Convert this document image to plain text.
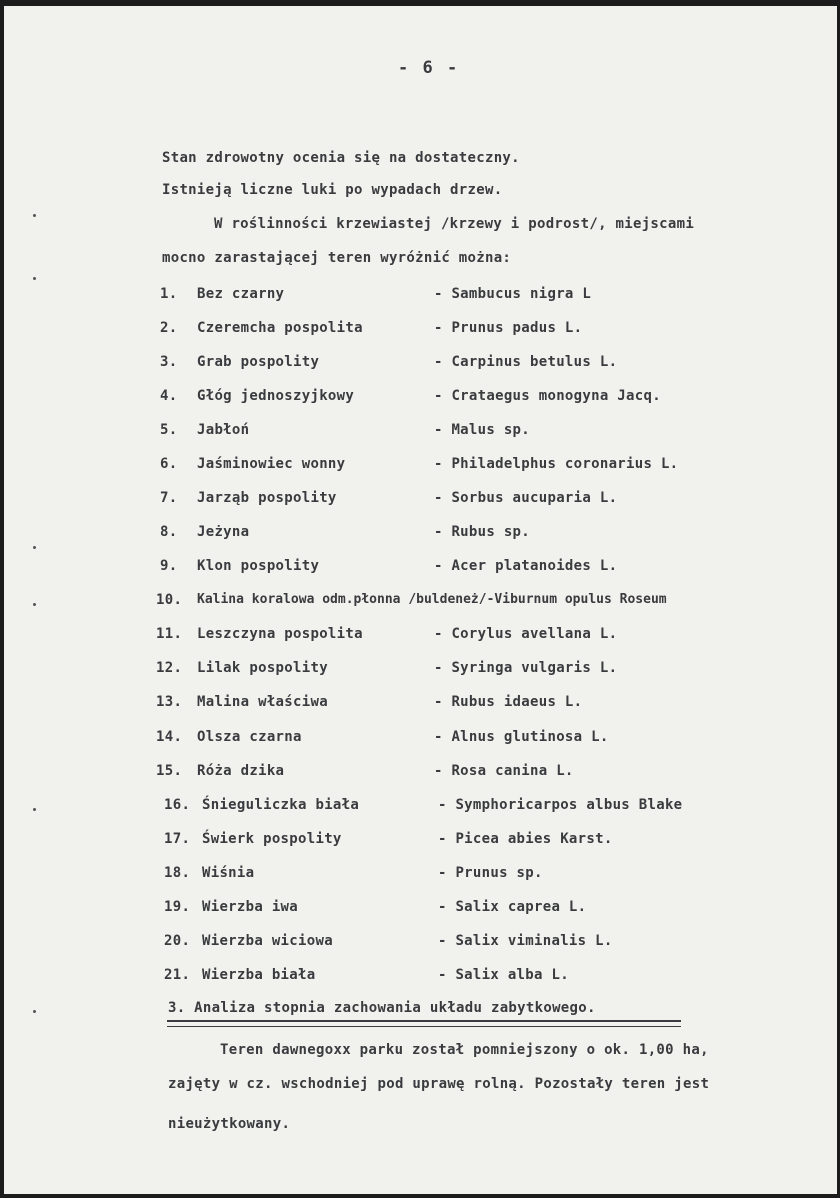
- 6 -
Stan zdrowotny ocenia się na dostateczny.
Istnieją liczne luki po wypadach drzew.
W roślinności krzewiastej /krzewy i podrost/, miejscami
mocno zarastającej teren wyróżnić można:
1. Bez czarny	- Sambucus nigra L
2. Czeremcha pospolita	- Prunus padus L.
3. Grab pospolity	- Carpinus betulus L.
4. Głóg jednoszyjkowy	- Crataegus monogyna Jacq.
5. Jabłoń	- Malus sp.
6. Jaśminowiec wonny	- Philadelphus coronarius L.
7. Jarząb pospolity	- Sorbus aucuparia L.
8. Jeżyna	- Rubus sp.
9. Klon pospolity	- Acer platanoides L.
10. Kalina koralowa odm.płonna /buldeneż/-Viburnum opulus Roseum
11. Leszczyna pospolita	- Corylus avellana L.
12. Lilak pospolity	- Syringa vulgaris L.
13. Malina właściwa	- Rubus idaeus L.
14. Olsza czarna	- Alnus glutinosa L.
15. Róża dzika	- Rosa canina L.
16. Śnieguliczka biała	- Symphoricarpos albus Blake
17. Świerk pospolity	- Picea abies Karst.
18. Wiśnia	- Prunus sp.
19. Wierzba iwa	- Salix caprea L.
20. Wierzba wiciowa	- Salix viminalis L.
21. Wierzba biała	- Salix alba L.
3. Analiza stopnia zachowania układu zabytkowego.
Teren dawnegoxx parku został pomniejszony o ok. 1,00 ha,
zajęty w cz. wschodniej pod uprawę rolną. Pozostały teren jest
nieużytkowany.
